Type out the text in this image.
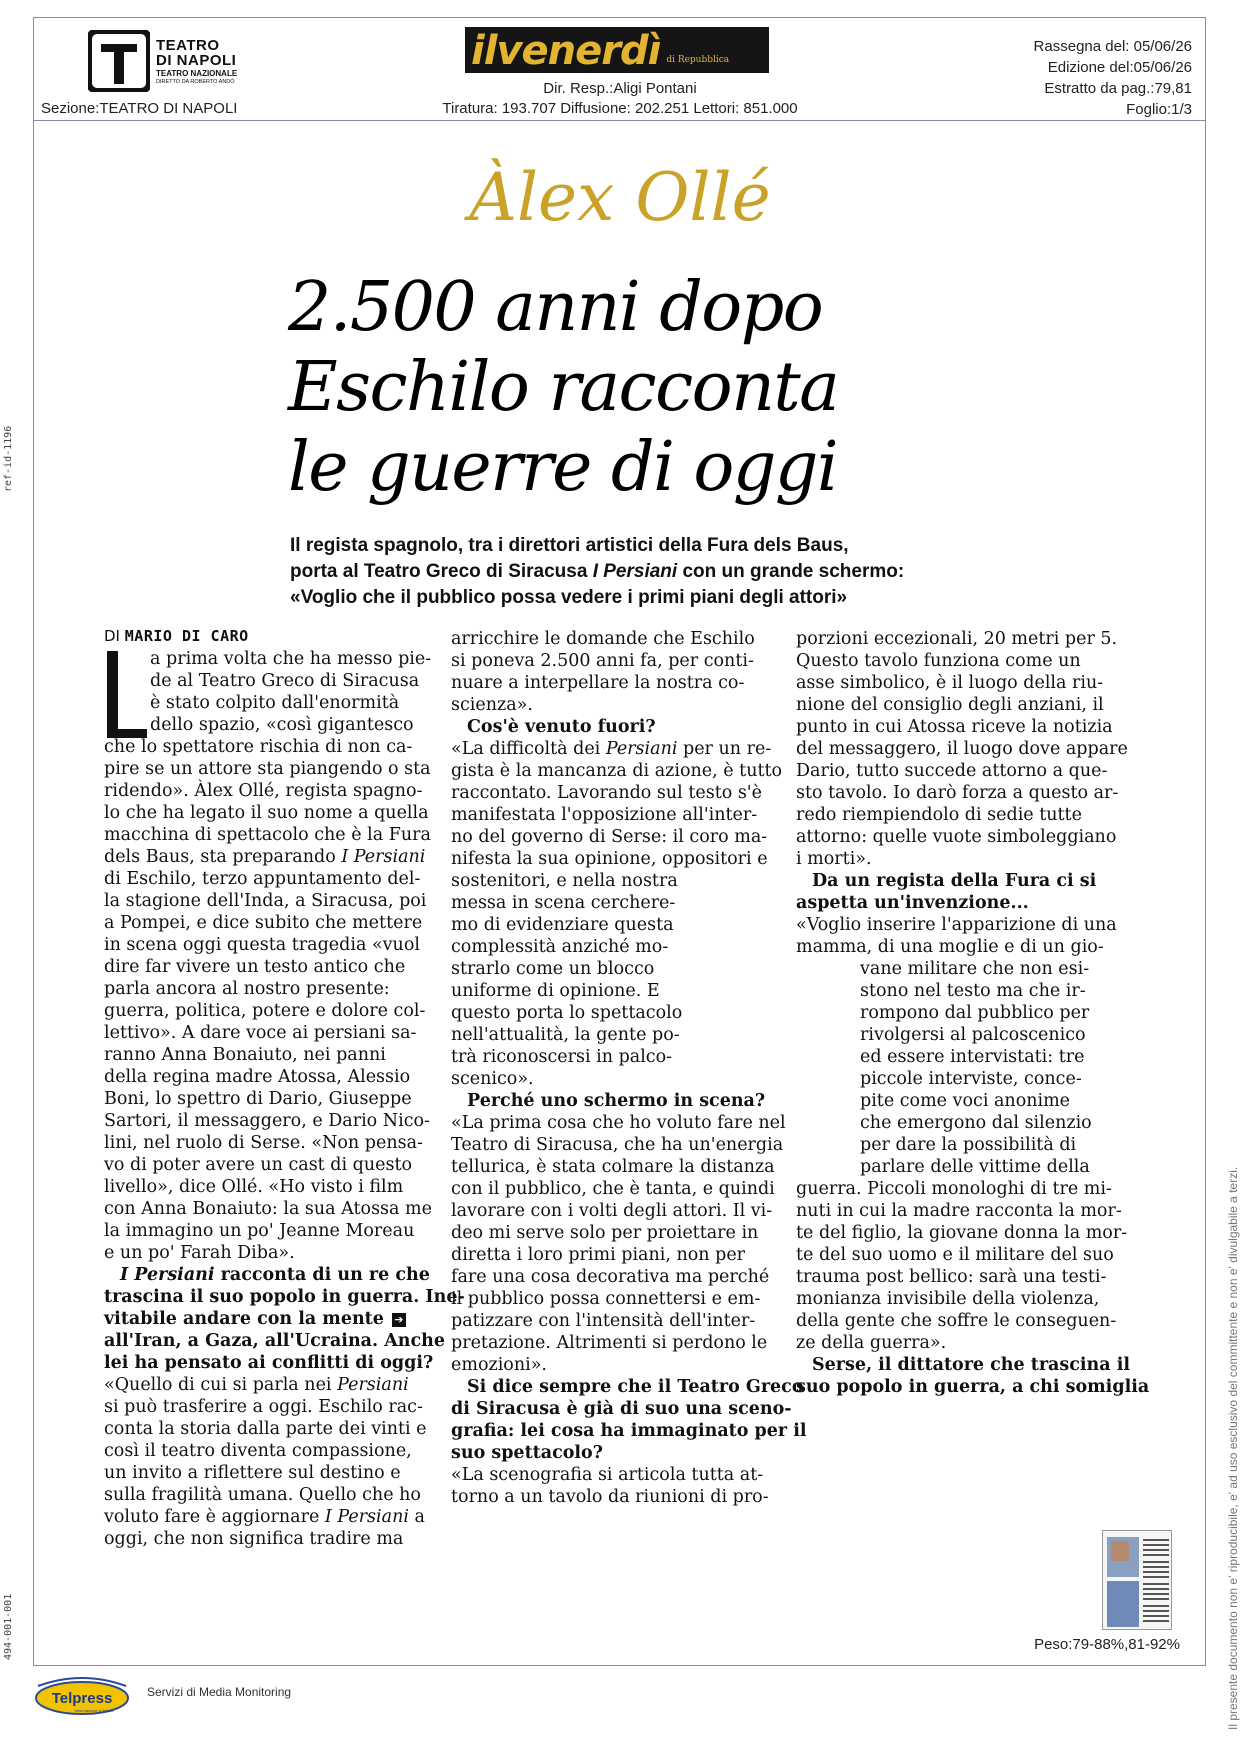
TEATRO
DI NAPOLI
TEATRO NAZIONALE
DIRETTO DA ROBERTO ANDÒ
Sezione:TEATRO DI NAPOLI
ilvenerdì di Repubblica
Dir. Resp.:Aligi Pontani
Tiratura: 193.707 Diffusione: 202.251 Lettori: 851.000
Rassegna del: 05/06/26
Edizione del:05/06/26
Estratto da pag.:79,81
Foglio:1/3
Àlex Ollé
2.500 anni dopo
Eschilo racconta
le guerre di oggi
Il regista spagnolo, tra i direttori artistici della Fura dels Baus,
porta al Teatro Greco di Siracusa I Persiani con un grande schermo:
«Voglio che il pubblico possa vedere i primi piani degli attori»
DI MARIO DI CARO
a prima volta che ha messo pie-
de al Teatro Greco di Siracusa
è stato colpito dall'enormità
dello spazio, «così gigantesco
che lo spettatore rischia di non ca-
pire se un attore sta piangendo o sta
ridendo». Àlex Ollé, regista spagno-
lo che ha legato il suo nome a quella
macchina di spettacolo che è la Fura
dels Baus, sta preparando I Persiani
di Eschilo, terzo appuntamento del-
la stagione dell'Inda, a Siracusa, poi
a Pompei, e dice subito che mettere
in scena oggi questa tragedia «vuol
dire far vivere un testo antico che
parla ancora al nostro presente:
guerra, politica, potere e dolore col-
lettivo». A dare voce ai persiani sa-
ranno Anna Bonaiuto, nei panni
della regina madre Atossa, Alessio
Boni, lo spettro di Dario, Giuseppe
Sartori, il messaggero, e Dario Nico-
lini, nel ruolo di Serse. «Non pensa-
vo di poter avere un cast di questo
livello», dice Ollé. «Ho visto i film
con Anna Bonaiuto: la sua Atossa me
la immagino un po' Jeanne Moreau
e un po' Farah Diba».
I Persiani racconta di un re che
trascina il suo popolo in guerra. Ine-
vitabile andare con la mente ➔
all'Iran, a Gaza, all'Ucraina. Anche
lei ha pensato ai conflitti di oggi?
«Quello di cui si parla nei Persiani
si può trasferire a oggi. Eschilo rac-
conta la storia dalla parte dei vinti e
così il teatro diventa compassione,
un invito a riflettere sul destino e
sulla fragilità umana. Quello che ho
voluto fare è aggiornare I Persiani a
oggi, che non significa tradire ma
arricchire le domande che Eschilo
si poneva 2.500 anni fa, per conti-
nuare a interpellare la nostra co-
scienza».
Cos'è venuto fuori?
«La difficoltà dei Persiani per un re-
gista è la mancanza di azione, è tutto
raccontato. Lavorando sul testo s'è
manifestata l'opposizione all'inter-
no del governo di Serse: il coro ma-
nifesta la sua opinione, oppositori e
sostenitori, e nella nostra
messa in scena cerchere-
mo di evidenziare questa
complessità anziché mo-
strarlo come un blocco
uniforme di opinione. E
questo porta lo spettacolo
nell'attualità, la gente po-
trà riconoscersi in palco-
scenico».
Perché uno schermo in scena?
«La prima cosa che ho voluto fare nel
Teatro di Siracusa, che ha un'energia
tellurica, è stata colmare la distanza
con il pubblico, che è tanta, e quindi
lavorare con i volti degli attori. Il vi-
deo mi serve solo per proiettare in
diretta i loro primi piani, non per
fare una cosa decorativa ma perché
il pubblico possa connettersi e em-
patizzare con l'intensità dell'inter-
pretazione. Altrimenti si perdono le
emozioni».
Si dice sempre che il Teatro Greco
di Siracusa è già di suo una sceno-
grafia: lei cosa ha immaginato per il
suo spettacolo?
«La scenografia si articola tutta at-
torno a un tavolo da riunioni di pro-
porzioni eccezionali, 20 metri per 5.
Questo tavolo funziona come un
asse simbolico, è il luogo della riu-
nione del consiglio degli anziani, il
punto in cui Atossa riceve la notizia
del messaggero, il luogo dove appare
Dario, tutto succede attorno a que-
sto tavolo. Io darò forza a questo ar-
redo riempiendolo di sedie tutte
attorno: quelle vuote simboleggiano
i morti».
Da un regista della Fura ci si
aspetta un'invenzione...
«Voglio inserire l'apparizione di una
mamma, di una moglie e di un gio-
vane militare che non esi-
stono nel testo ma che ir-
rompono dal pubblico per
rivolgersi al palcoscenico
ed essere intervistati: tre
piccole interviste, conce-
pite come voci anonime
che emergono dal silenzio
per dare la possibilità di
parlare delle vittime della
guerra. Piccoli monologhi di tre mi-
nuti in cui la madre racconta la mor-
te del figlio, la giovane donna la mor-
te del suo uomo e il militare del suo
trauma post bellico: sarà una testi-
monianza invisibile della violenza,
della gente che soffre le conseguen-
ze della guerra».
Serse, il dittatore che trascina il
suo popolo in guerra, a chi somiglia
ref-id-1196
494-001-001	Il presente documento non e' riproducibile, e' ad uso esclusivo del committente e non e' divulgabile a terzi.
Peso:79-88%,81-92%
Telpress
Informazione & Media
Servizi di Media Monitoring
